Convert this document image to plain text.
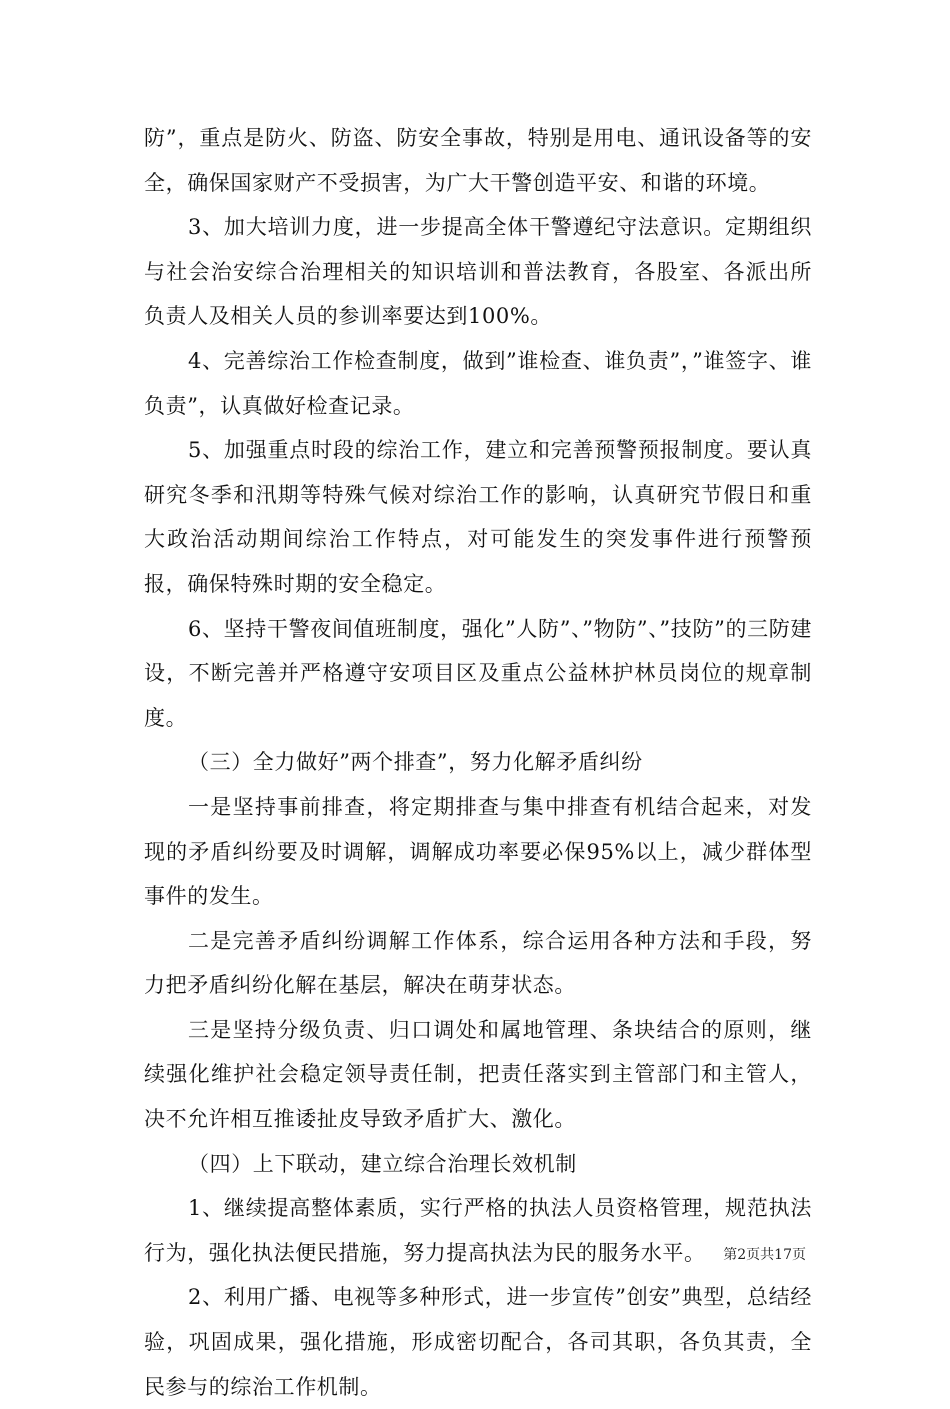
防”，重点是防火、防盗、防安全事故，特别是用电、通讯设备等的安全，确保国家财产不受损害，为广大干警创造平安、和谐的环境。

3、加大培训力度，进一步提高全体干警遵纪守法意识。定期组织与社会治安综合治理相关的知识培训和普法教育，各股室、各派出所负责人及相关人员的参训率要达到100%。

4、完善综治工作检查制度，做到”谁检查、谁负责”，”谁签字、谁负责”，认真做好检查记录。

5、加强重点时段的综治工作，建立和完善预警预报制度。要认真研究冬季和汛期等特殊气候对综治工作的影响，认真研究节假日和重大政治活动期间综治工作特点，对可能发生的突发事件进行预警预报，确保特殊时期的安全稳定。

6、坚持干警夜间值班制度，强化”人防”、”物防”、”技防”的三防建设，不断完善并严格遵守安项目区及重点公益林护林员岗位的规章制度。

（三）全力做好”两个排查”，努力化解矛盾纠纷

一是坚持事前排查，将定期排查与集中排查有机结合起来，对发现的矛盾纠纷要及时调解，调解成功率要必保95%以上，减少群体型事件的发生。

二是完善矛盾纠纷调解工作体系，综合运用各种方法和手段，努力把矛盾纠纷化解在基层，解决在萌芽状态。

三是坚持分级负责、归口调处和属地管理、条块结合的原则，继续强化维护社会稳定领导责任制，把责任落实到主管部门和主管人，决不允许相互推诿扯皮导致矛盾扩大、激化。

（四）上下联动，建立综合治理长效机制

1、继续提高整体素质，实行严格的执法人员资格管理，规范执法行为，强化执法便民措施，努力提高执法为民的服务水平。

2、利用广播、电视等多种形式，进一步宣传”创安”典型，总结经验，巩固成果，强化措施，形成密切配合，各司其职，各负其责，全民参与的综治工作机制。

第2页共17页
